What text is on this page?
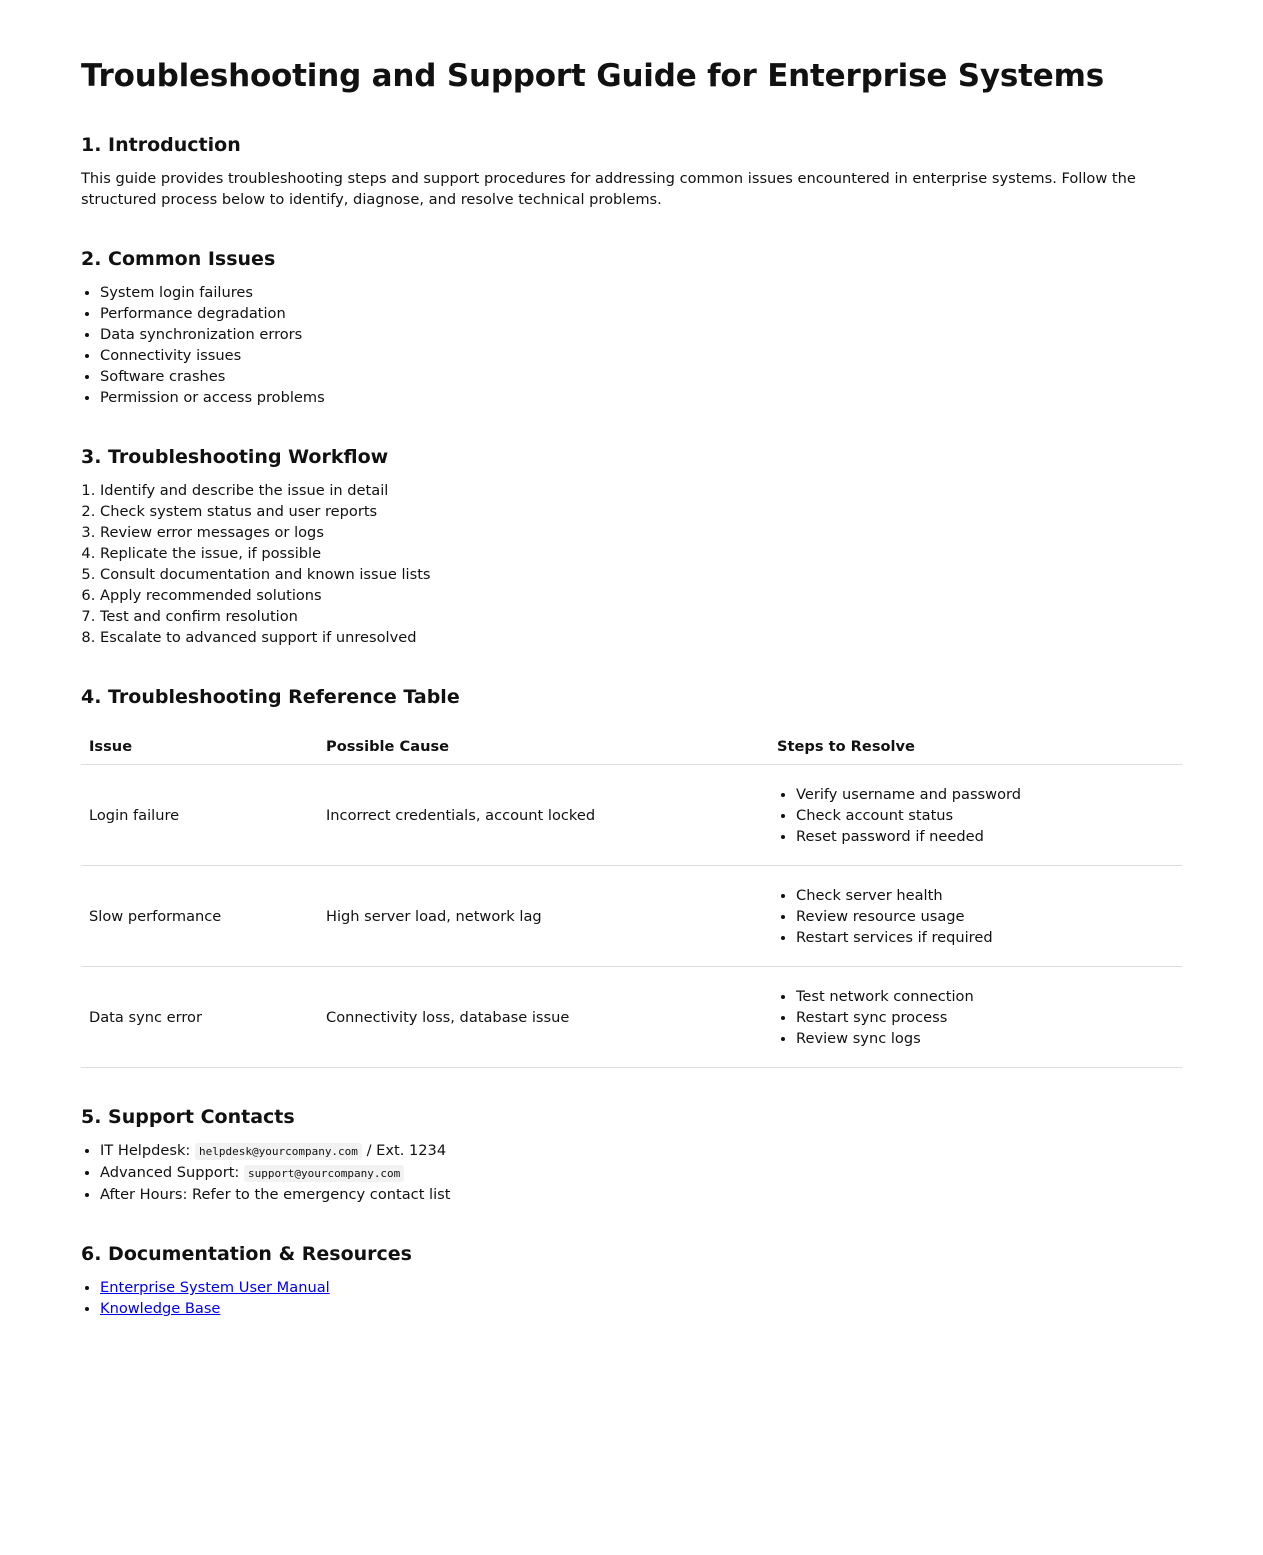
Troubleshooting and Support Guide for Enterprise Systems
1. Introduction

This guide provides troubleshooting steps and support procedures for addressing common issues encountered in enterprise systems. Follow the structured process below to identify, diagnose, and resolve technical problems.

2. Common Issues
• System login failures
• Performance degradation
• Data synchronization errors
• Connectivity issues
• Software crashes
• Permission or access problems
3. Troubleshooting Workflow
1. Identify and describe the issue in detail
2. Check system status and user reports
3. Review error messages or logs
4. Replicate the issue, if possible
5. Consult documentation and known issue lists
6. Apply recommended solutions
7. Test and confirm resolution
8. Escalate to advanced support if unresolved
4. Troubleshooting Reference Table
Issue	Possible Cause	Steps to Resolve
Login failure	Incorrect credentials, account locked	
• Verify username and password
• Check account status
• Reset password if needed

Slow performance	High server load, network lag	
• Check server health
• Review resource usage
• Restart services if required

Data sync error	Connectivity loss, database issue	
• Test network connection
• Restart sync process
• Review sync logs
5. Support Contacts
• IT Helpdesk: helpdesk@yourcompany.com / Ext. 1234
• Advanced Support: support@yourcompany.com
• After Hours: Refer to the emergency contact list
6. Documentation & Resources
• Enterprise System User Manual
• Knowledge Base
